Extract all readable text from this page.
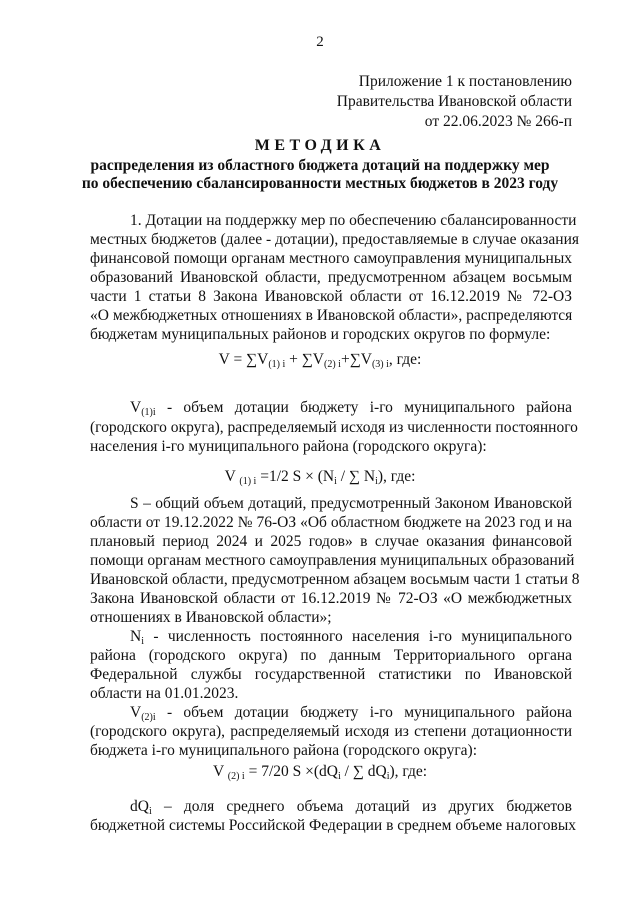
2
Приложение 1 к постановлению
Правительства Ивановской области
от 22.06.2023 № 266-п
МЕТОДИКА
распределения из областного бюджета дотаций на поддержку мер
по обеспечению сбалансированности местных бюджетов в 2023 году
1. Дотации на поддержку мер по обеспечению сбалансированности
местных бюджетов (далее - дотации), предоставляемые в случае оказания
финансовой помощи органам местного самоуправления муниципальных
образований Ивановской области, предусмотренном абзацем восьмым
части 1 статьи 8 Закона Ивановской области от 16.12.2019 № 72-ОЗ
«О межбюджетных отношениях в Ивановской области», распределяются
бюджетам муниципальных районов и городских округов по формуле:
$V = \sum V_{(1) i} + \sum V_{(2) i}+\sum V_{(3) i}$, где:
$V_{(1)i}$ - объем дотации бюджету i-го муниципального района
(городского округа), распределяемый исходя из численности постоянного
населения i-го муниципального района (городского округа):
V $_{(1) i}$ =1/2 $S \times (N_i$ / ∑ $N_i$), где:
S – общий объем дотаций, предусмотренный Законом Ивановской
области от 19.12.2022 № 76-ОЗ «Об областном бюджете на 2023 год и на
плановый период 2024 и 2025 годов» в случае оказания финансовой
помощи органам местного самоуправления муниципальных образований
Ивановской области, предусмотренном абзацем восьмым части 1 статьи 8
Закона Ивановской области от 16.12.2019 № 72-ОЗ «О межбюджетных
отношениях в Ивановской области»;
$N_i$ - численность постоянного населения i-го муниципального
района (городского округа) по данным Территориального органа
Федеральной службы государственной статистики по Ивановской
области на 01.01.2023.
$V_{(2)i}$ - объем дотации бюджету i-го муниципального района
(городского округа), распределяемый исходя из степени дотационности
бюджета i-го муниципального района (городского округа):
V $_{(2) i}$ = 7/20 $S \times(dQ_i$ / ∑ $dQ_i$), где:
$dQ_i$ – доля среднего объема дотаций из других бюджетов
бюджетной системы Российской Федерации в среднем объеме налоговых
